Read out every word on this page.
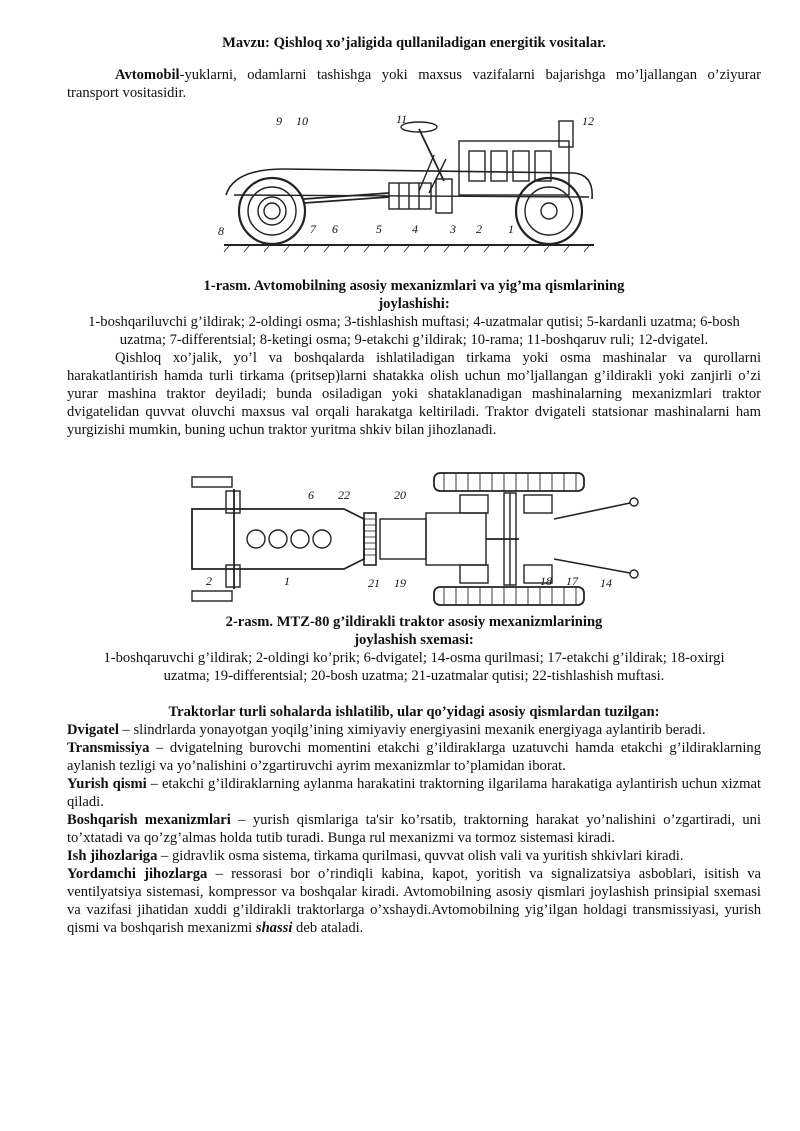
Mavzu: Qishloq xo’jaligida qullaniladigan energitik vositalar.

Avtomobil-yuklarni, odamlarni tashishga yoki maxsus vazifalarni bajarishga mo’ljallangan o’ziyurar transport vositasidir.

9 10	11	12
8	7 6	5	4	3 2 1
1-rasm. Avtomobilning asosiy mexanizmlari va yig’ma qismlarining
joylashishi:
1-boshqariluvchi g’ildirak; 2-oldingi osma; 3-tishlashish muftasi; 4-uzatmalar qutisi; 5-kardanli uzatma; 6-bosh uzatma; 7-differentsial; 8-ketingi osma; 9-etakchi g’ildirak; 10-rama; 11-boshqaruv ruli; 12-dvigatel.

Qishloq xo’jalik, yo’l va boshqalarda ishlatiladigan tirkama yoki osma mashinalar va qurollarni harakatlantirish hamda turli tirkama (pritsep)larni shatakka olish uchun mo’ljallangan g’ildirakli yoki zanjirli o’zi yurar mashina traktor deyiladi; bunda osiladigan yoki shataklanadigan mashinalarning mexanizmlari traktor dvigatelidan quvvat oluvchi maxsus val orqali harakatga keltiriladi. Traktor dvigateli statsionar mashinalarni ham yurgizishi mumkin, buning uchun traktor yuritma shkiv bilan jihozlanadi.

6 22	20
2	1	21 19	18 17 14
2-rasm. MTZ-80 g’ildirakli traktor asosiy mexanizmlarining
joylashish sxemasi:
1-boshqaruvchi g’ildirak; 2-oldingi ko’prik; 6-dvigatel; 14-osma qurilmasi; 17-etakchi g’ildirak; 18-oxirgi uzatma; 19-differentsial; 20-bosh uzatma; 21-uzatmalar qutisi; 22-tishlashish muftasi.
Traktorlar turli sohalarda ishlatilib, ular qo’yidagi asosiy qismlardan tuzilgan:

Dvigatel – slindrlarda yonayotgan yoqilg’ining ximiyaviy energiyasini mexanik energiyaga aylantirib beradi.

Transmissiya – dvigatelning burovchi momentini etakchi g’ildiraklarga uzatuvchi hamda etakchi g’ildiraklarning aylanish tezligi va yo’nalishini o’zgartiruvchi ayrim mexanizmlar to’plamidan iborat.

Yurish qismi – etakchi g’ildiraklarning aylanma harakatini traktorning ilgarilama harakatiga aylantirish uchun xizmat qiladi.

Boshqarish mexanizmlari – yurish qismlariga ta'sir ko’rsatib, traktorning harakat yo’nalishini o’zgartiradi, uni to’xtatadi va qo’zg’almas holda tutib turadi. Bunga rul mexanizmi va tormoz sistemasi kiradi.

Ish jihozlariga – gidravlik osma sistema, tirkama qurilmasi, quvvat olish vali va yuritish shkivlari kiradi.

Yordamchi jihozlarga – ressorasi bor o’rindiqli kabina, kapot, yoritish va signalizatsiya asboblari, isitish va ventilyatsiya sistemasi, kompressor va boshqalar kiradi. Avtomobilning asosiy qismlari joylashish prinsipial sxemasi va vazifasi jihatidan xuddi g’ildirakli traktorlarga o’xshaydi.Avtomobilning yig’ilgan holdagi transmissiyasi, yurish qismi va boshqarish mexanizmi shassi deb ataladi.
